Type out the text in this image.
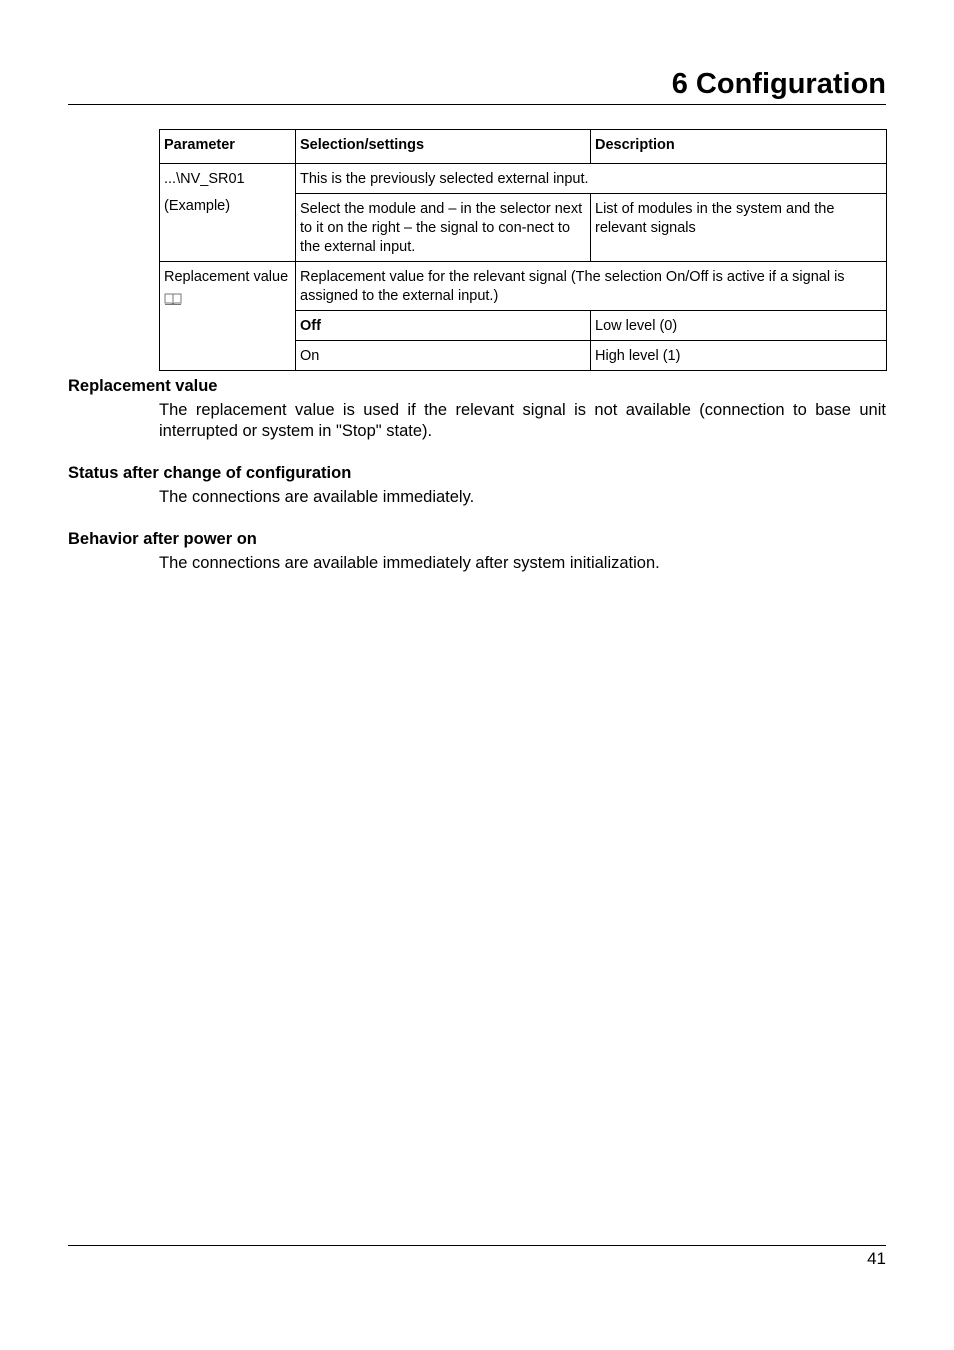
6 Configuration
Parameter	Selection/settings	Description

...\NV_SR01
(Example)	This is the previously selected external input.	
	Select the module and – in the selector next to it on the right – the signal to con-nect to the external input.	List of modules in the system and the relevant signals

Replacement value	Replacement value for the relevant signal (The selection On/Off is active if a signal is assigned to the external input.)	
	Off	Low level (0)
	On	High level (1)
Replacement value

The replacement value is used if the relevant signal is not available (connection to base unit interrupted or system in "Stop" state).

Status after change of configuration

The connections are available immediately.

Behavior after power on

The connections are available immediately after system initialization.

41
